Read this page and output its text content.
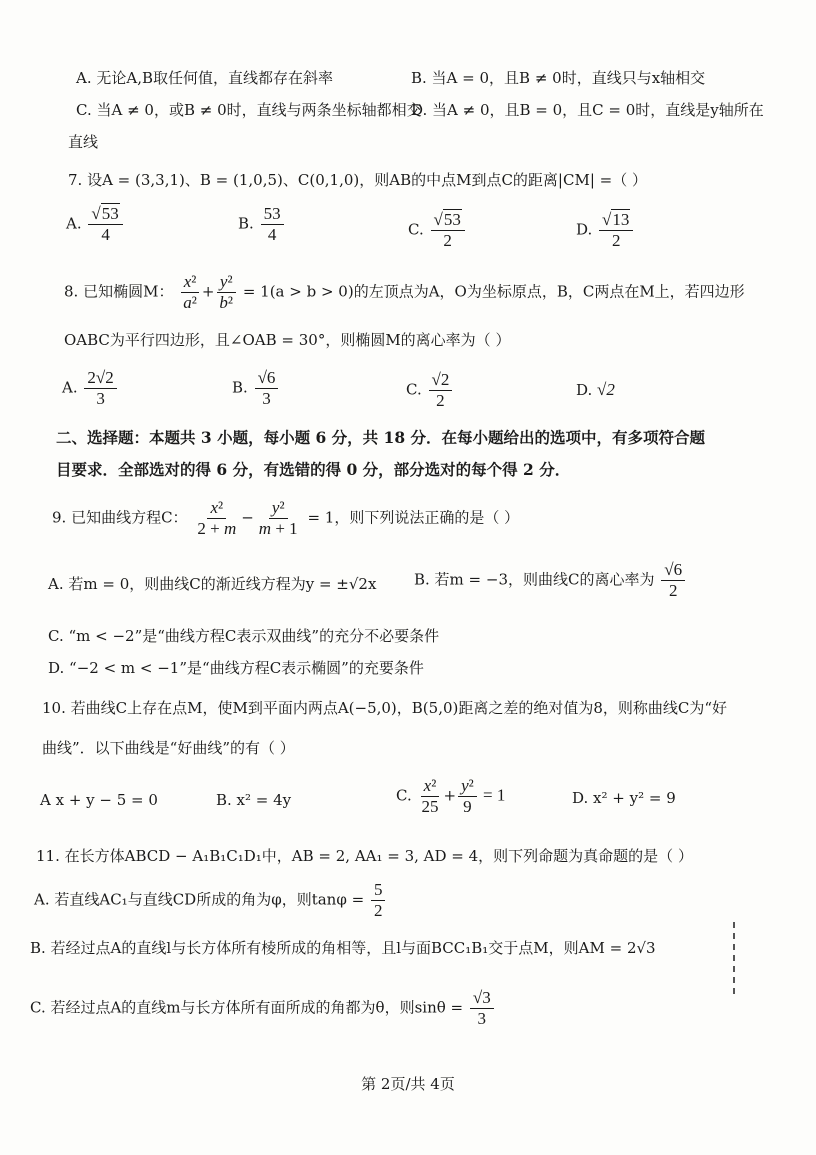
A. 无论A,B取任何值，直线都存在斜率	B. 当A = 0，且B ≠ 0时，直线只与x轴相交
C. 当A ≠ 0，或B ≠ 0时，直线与两条坐标轴都相交
D. 当A ≠ 0，且B = 0，且C = 0时，直线是y轴所在
直线
7. 设A = (3,3,1)、B = (1,0,5)、C(0,1,0)，则AB的中点M到点C的距离|CM| =（ ）
A. $\frac{√53}{4}$	B. $\frac{53}{4}$	C. $\frac{√53}{2}$	D. $\frac{√13}{2}$
8. 已知椭圆M： $\frac{\text{x²}}{\text{a²}} + \frac{\text{y²}}{\text{b²}} = 1(a > b > 0)$的左顶点为A，O为坐标原点，B，C两点在M上，若四边形
OABC为平行四边形，且∠OAB = 30°，则椭圆M的离心率为（ ）
A. $\frac{2√2}{3}$	B. $\frac{√6}{3}$	C. $\frac{√2}{2}$	D. √2
二、选择题：本题共 3 小题，每小题 6 分，共 18 分．在每小题给出的选项中，有多项符合题
目要求．全部选对的得 6 分，有选错的得 0 分，部分选对的每个得 2 分．
9. 已知曲线方程C： $\frac{\text{x²}}{2 + m} - \frac{\text{y²}}{m + 1} = 1$，则下列说法正确的是（ ）
A. 若m = 0，则曲线C的渐近线方程为y = ±√2x	B. 若m = −3，则曲线C的离心率为 $\frac{√6}{2}$
C. “m < −2”是“曲线方程C表示双曲线”的充分不必要条件
D. “−2 < m < −1”是“曲线方程C表示椭圆”的充要条件
10. 若曲线C上存在点M，使M到平面内两点A(−5,0)，B(5,0)距离之差的绝对值为8，则称曲线C为“好
曲线”．以下曲线是“好曲线”的有（ ）
A x + y − 5 = 0	B. x² = 4y	C. $\frac{\text{x²}}{25} + \frac{\text{y²}}{9} = 1$	D. x² + y² = 9
11. 在长方体ABCD − A₁B₁C₁D₁中，AB = 2, AA₁ = 3, AD = 4，则下列命题为真命题的是（ ）
A. 若直线AC₁与直线CD所成的角为φ，则$\tan\varphi = \frac{5}{2}$
B. 若经过点A的直线l与长方体所有棱所成的角相等，且l与面BCC₁B₁交于点M，则AM = 2√3
C. 若经过点A的直线m与长方体所有面所成的角都为θ，则$\sin\theta = \frac{√3}{3}$
第 2页/共 4页
